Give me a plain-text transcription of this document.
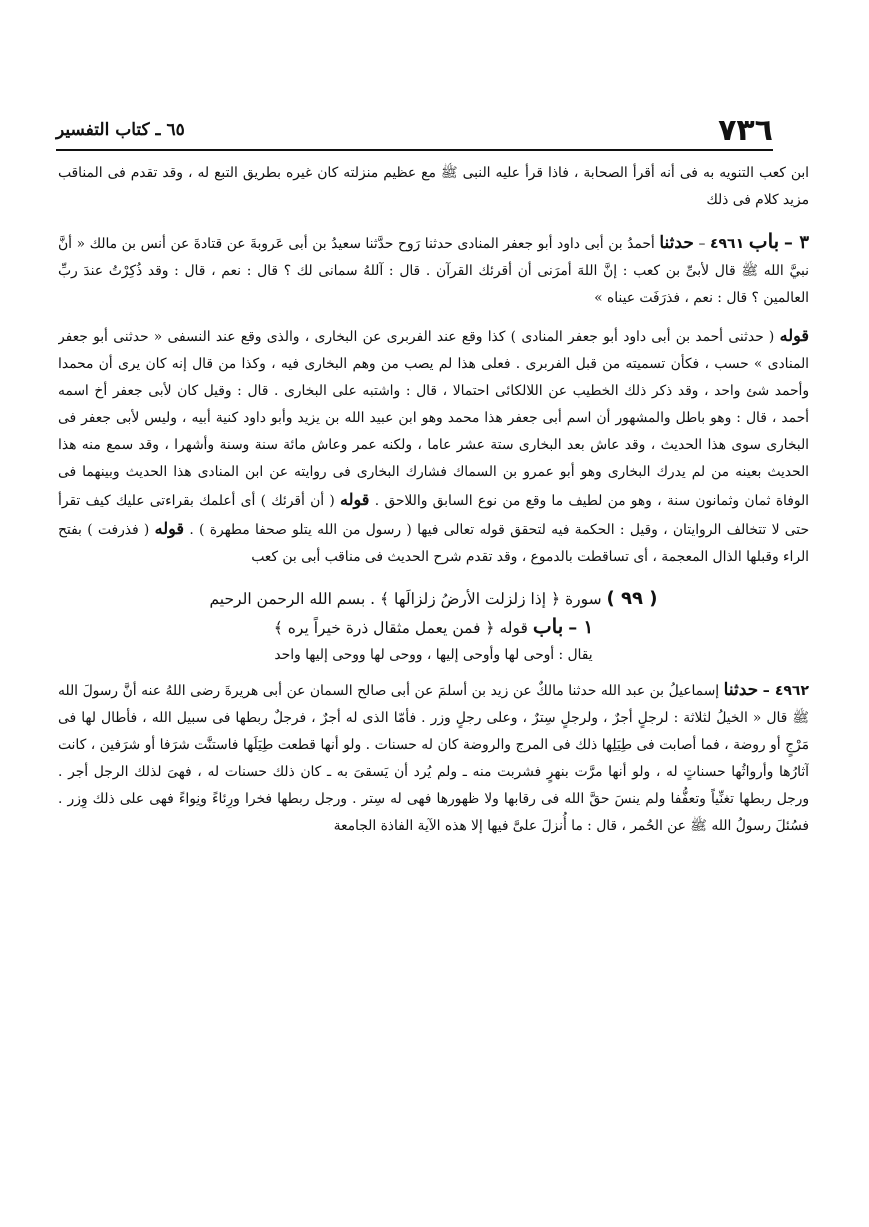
٧٣٦
٦٥ ـ كتاب التفسير

ابن كعب التنويه به فى أنه أقرأ الصحابة ، فاذا قرأ عليه النبى ﷺ مع عظيم منزلته كان غيره بطريق التبع له ، وقد تقدم فى المناقب مزيد كلام فى ذلك

٣ – باب ٤٩٦١ – حدثنا أحمدُ بن أبى داود أبو جعفر المنادى حدثنا رَوح حدَّثنا سعيدُ بن أبى عَروبةَ عن قتادةَ عن أنس بن مالك « أنَّ نبيَّ الله ﷺ قال لأبىِّ بن كعب : إنَّ اللهَ أمرَنى أن أقرئك القرآن . قال : آللهُ سمانى لك ؟ قال : نعم ، قال : وقد ذُكِرْتُ عندَ ربِّ العالمين ؟ قال : نعم ، فذرَفَت عيناه »

قوله ( حدثنى أحمد بن أبى داود أبو جعفر المنادى ) كذا وقع عند الفربرى عن البخارى ، والذى وقع عند النسفى « حدثنى أبو جعفر المنادى » حسب ، فكأن تسميته من قبل الفربرى . فعلى هذا لم يصب من وهم البخارى فيه ، وكذا من قال إنه كان يرى أن محمدا وأحمد شئ واحد ، وقد ذكر ذلك الخطيب عن اللالكائى احتمالا ، قال : واشتبه على البخارى . قال : وقيل كان لأبى جعفر أخ اسمه أحمد ، قال : وهو باطل والمشهور أن اسم أبى جعفر هذا محمد وهو ابن عبيد الله بن يزيد وأبو داود كنية أبيه ، وليس لأبى جعفر فى البخارى سوى هذا الحديث ، وقد عاش بعد البخارى ستة عشر عاما ، ولكنه عمر وعاش مائة سنة وسنة وأشهرا ، وقد سمع منه هذا الحديث بعينه من لم يدرك البخارى وهو أبو عمرو بن السماك فشارك البخارى فى روايته عن ابن المنادى هذا الحديث وبينهما فى الوفاة ثمان وثمانون سنة ، وهو من لطيف ما وقع من نوع السابق واللاحق . قوله ( أن أقرئك ) أى أعلمك بقراءتى عليك كيف تقرأ حتى لا تتخالف الروايتان ، وقيل : الحكمة فيه لتحقق قوله تعالى فيها ( رسول من الله يتلو صحفا مطهرة ) . قوله ( فذرفت ) بفتح الراء وقبلها الذال المعجمة ، أى تساقطت بالدموع ، وقد تقدم شرح الحديث فى مناقب أبى بن كعب

( ٩٩ ) سورة ﴿ إذا زلزلت الأرضُ زلزالَها ﴾ . بسم الله الرحمن الرحيم
١ – باب قوله ﴿ فمن يعمل مثقال ذرة خيراً يره ﴾
يقال : أوحى لها وأوحى إليها ، ووحى لها ووحى إليها واحد

٤٩٦٢ – حدثنا إسماعيلُ بن عبد الله حدثنا مالكٌ عن زيد بن أسلمَ عن أبى صالح السمان عن أبى هريرةَ رضى اللهُ عنه أنَّ رسولَ الله ﷺ قال « الخيلُ لثلاثة : لرجلٍ أجرٌ ، ولرجلٍ سِترٌ ، وعلى رجلٍ وزر . فأمّا الذى له أجرٌ ، فرجلٌ ربطها فى سبيل الله ، فأطال لها فى مَرْجٍ أو روضة ، فما أصابت فى طِيَلِها ذلك فى المرج والروضة كان له حسنات . ولو أنها قطعت طِيَلَها فاستنَّت شرَفا أو شرَفين ، كانت آثارُها وأرواثُها حسناتٍ له ، ولو أنها مرَّت بنهرٍ فشربت منه ـ ولم يُرد أن يَسقىَ به ـ كان ذلك حسنات له ، فهىَ لذلك الرجل أجر . ورجل ربطها تغنِّياً وتعفُّفا ولم ينسَ حقَّ الله فى رقابها ولا ظهورها فهى له سِتر . ورجل ربطها فخرا ورِئاءً ونِواءً فهى على ذلك وِزر . فسُئلَ رسولُ الله ﷺ عن الحُمر ، قال : ما أُنزلَ علىَّ فيها إلا هذه الآية الفاذة الجامعة
